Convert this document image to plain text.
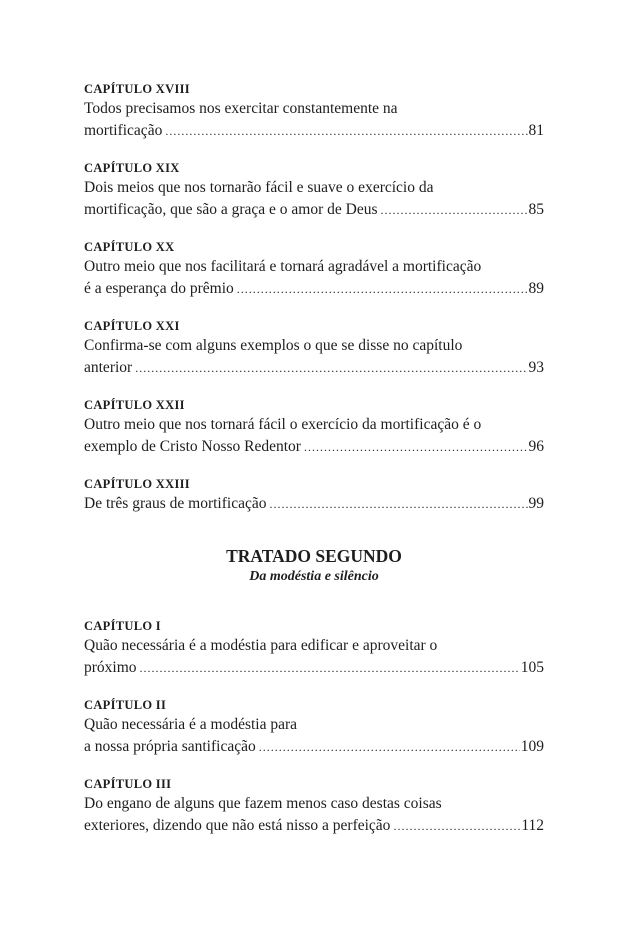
CAPÍTULO XVIII
Todos precisamos nos exercitar constantemente na
mortificação .....	81
CAPÍTULO XIX
Dois meios que nos tornarão fácil e suave o exercício da
mortificação, que são a graça e o amor de Deus .....	85
CAPÍTULO XX
Outro meio que nos facilitará e tornará agradável a mortificação
é a esperança do prêmio .....	89
CAPÍTULO XXI
Confirma-se com alguns exemplos o que se disse no capítulo
anterior .....	93
CAPÍTULO XXII
Outro meio que nos tornará fácil o exercício da mortificação é o
exemplo de Cristo Nosso Redentor .....	96
CAPÍTULO XXIII
De três graus de mortificação .....	99
TRATADO SEGUNDO
Da modéstia e silêncio
CAPÍTULO I
Quão necessária é a modéstia para edificar e aproveitar o
próximo .....	105
CAPÍTULO II
Quão necessária é a modéstia para
a nossa própria santificação .....	109
CAPÍTULO III
Do engano de alguns que fazem menos caso destas coisas
exteriores, dizendo que não está nisso a perfeição .....	112
